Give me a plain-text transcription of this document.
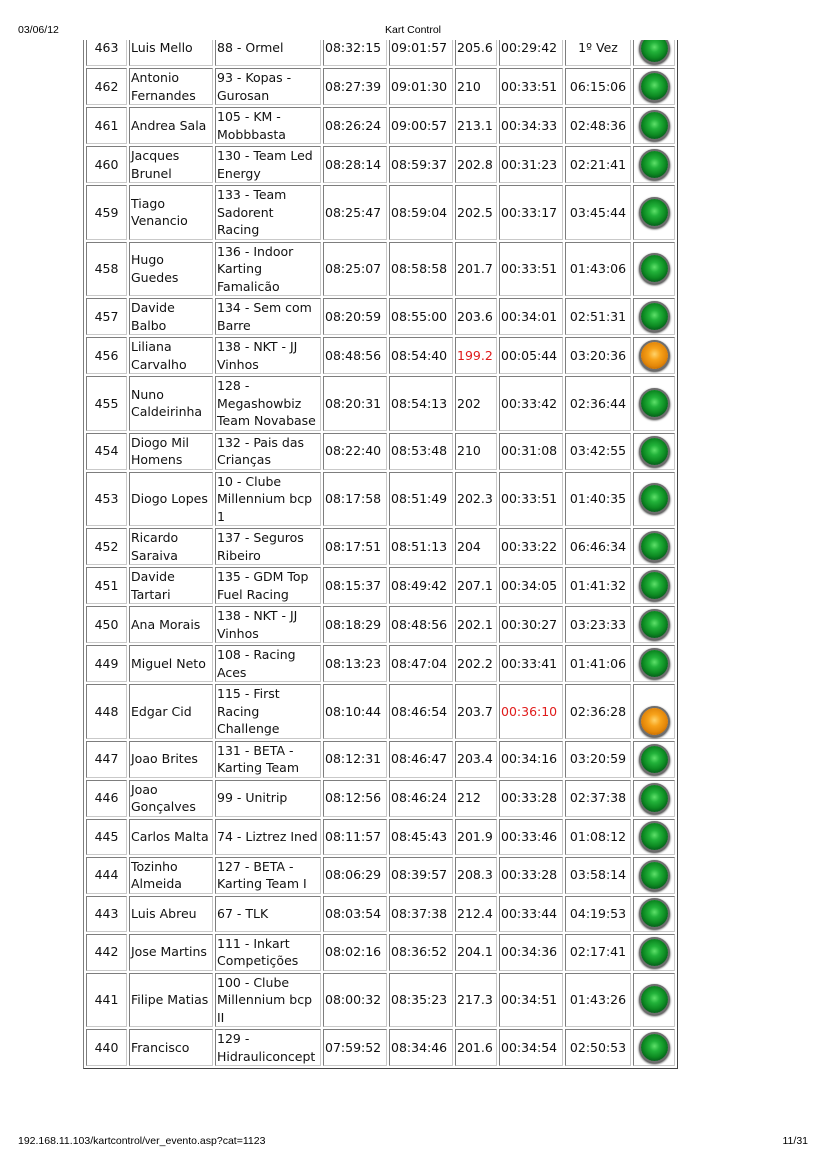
03/06/12	Kart Control
463	Luis Mello	88 - Ormel	08:32:15	09:01:57	205.6	00:29:42	1º Vez	
462	Antonio Fernandes	93 - Kopas - Gurosan	08:27:39	09:01:30	210	00:33:51	06:15:06	
461	Andrea Sala	105 - KM - Mobbbasta	08:26:24	09:00:57	213.1	00:34:33	02:48:36	
460	Jacques Brunel	130 - Team Led Energy	08:28:14	08:59:37	202.8	00:31:23	02:21:41	
459	Tiago Venancio	133 - Team Sadorent Racing	08:25:47	08:59:04	202.5	00:33:17	03:45:44	
458	Hugo Guedes	136 - Indoor Karting Famalicão	08:25:07	08:58:58	201.7	00:33:51	01:43:06	
457	Davide Balbo	134 - Sem com Barre	08:20:59	08:55:00	203.6	00:34:01	02:51:31	
456	Liliana Carvalho	138 - NKT - JJ Vinhos	08:48:56	08:54:40	199.2	00:05:44	03:20:36	
455	Nuno Caldeirinha	128 - Megashowbiz Team Novabase	08:20:31	08:54:13	202	00:33:42	02:36:44	
454	Diogo Mil Homens	132 - Pais das Crianças	08:22:40	08:53:48	210	00:31:08	03:42:55	
453	Diogo Lopes	10 - Clube Millennium bcp 1	08:17:58	08:51:49	202.3	00:33:51	01:40:35	
452	Ricardo Saraiva	137 - Seguros Ribeiro	08:17:51	08:51:13	204	00:33:22	06:46:34	
451	Davide Tartari	135 - GDM Top Fuel Racing	08:15:37	08:49:42	207.1	00:34:05	01:41:32	
450	Ana Morais	138 - NKT - JJ Vinhos	08:18:29	08:48:56	202.1	00:30:27	03:23:33	
449	Miguel Neto	108 - Racing Aces	08:13:23	08:47:04	202.2	00:33:41	01:41:06	
448	Edgar Cid	115 - First Racing Challenge	08:10:44	08:46:54	203.7	00:36:10	02:36:28	
447	Joao Brites	131 - BETA - Karting Team	08:12:31	08:46:47	203.4	00:34:16	03:20:59	
446	Joao Gonçalves	99 - Unitrip	08:12:56	08:46:24	212	00:33:28	02:37:38	
445	Carlos Malta	74 - Liztrez Ined	08:11:57	08:45:43	201.9	00:33:46	01:08:12	
444	Tozinho Almeida	127 - BETA - Karting Team I	08:06:29	08:39:57	208.3	00:33:28	03:58:14	
443	Luis Abreu	67 - TLK	08:03:54	08:37:38	212.4	00:33:44	04:19:53	
442	Jose Martins	111 - Inkart Competições	08:02:16	08:36:52	204.1	00:34:36	02:17:41	
441	Filipe Matias	100 - Clube Millennium bcp II	08:00:32	08:35:23	217.3	00:34:51	01:43:26	
440	Francisco	129 - Hidrauliconcept	07:59:52	08:34:46	201.6	00:34:54	02:50:53	
192.168.11.103/kartcontrol/ver_evento.asp?cat=1123	11/31
